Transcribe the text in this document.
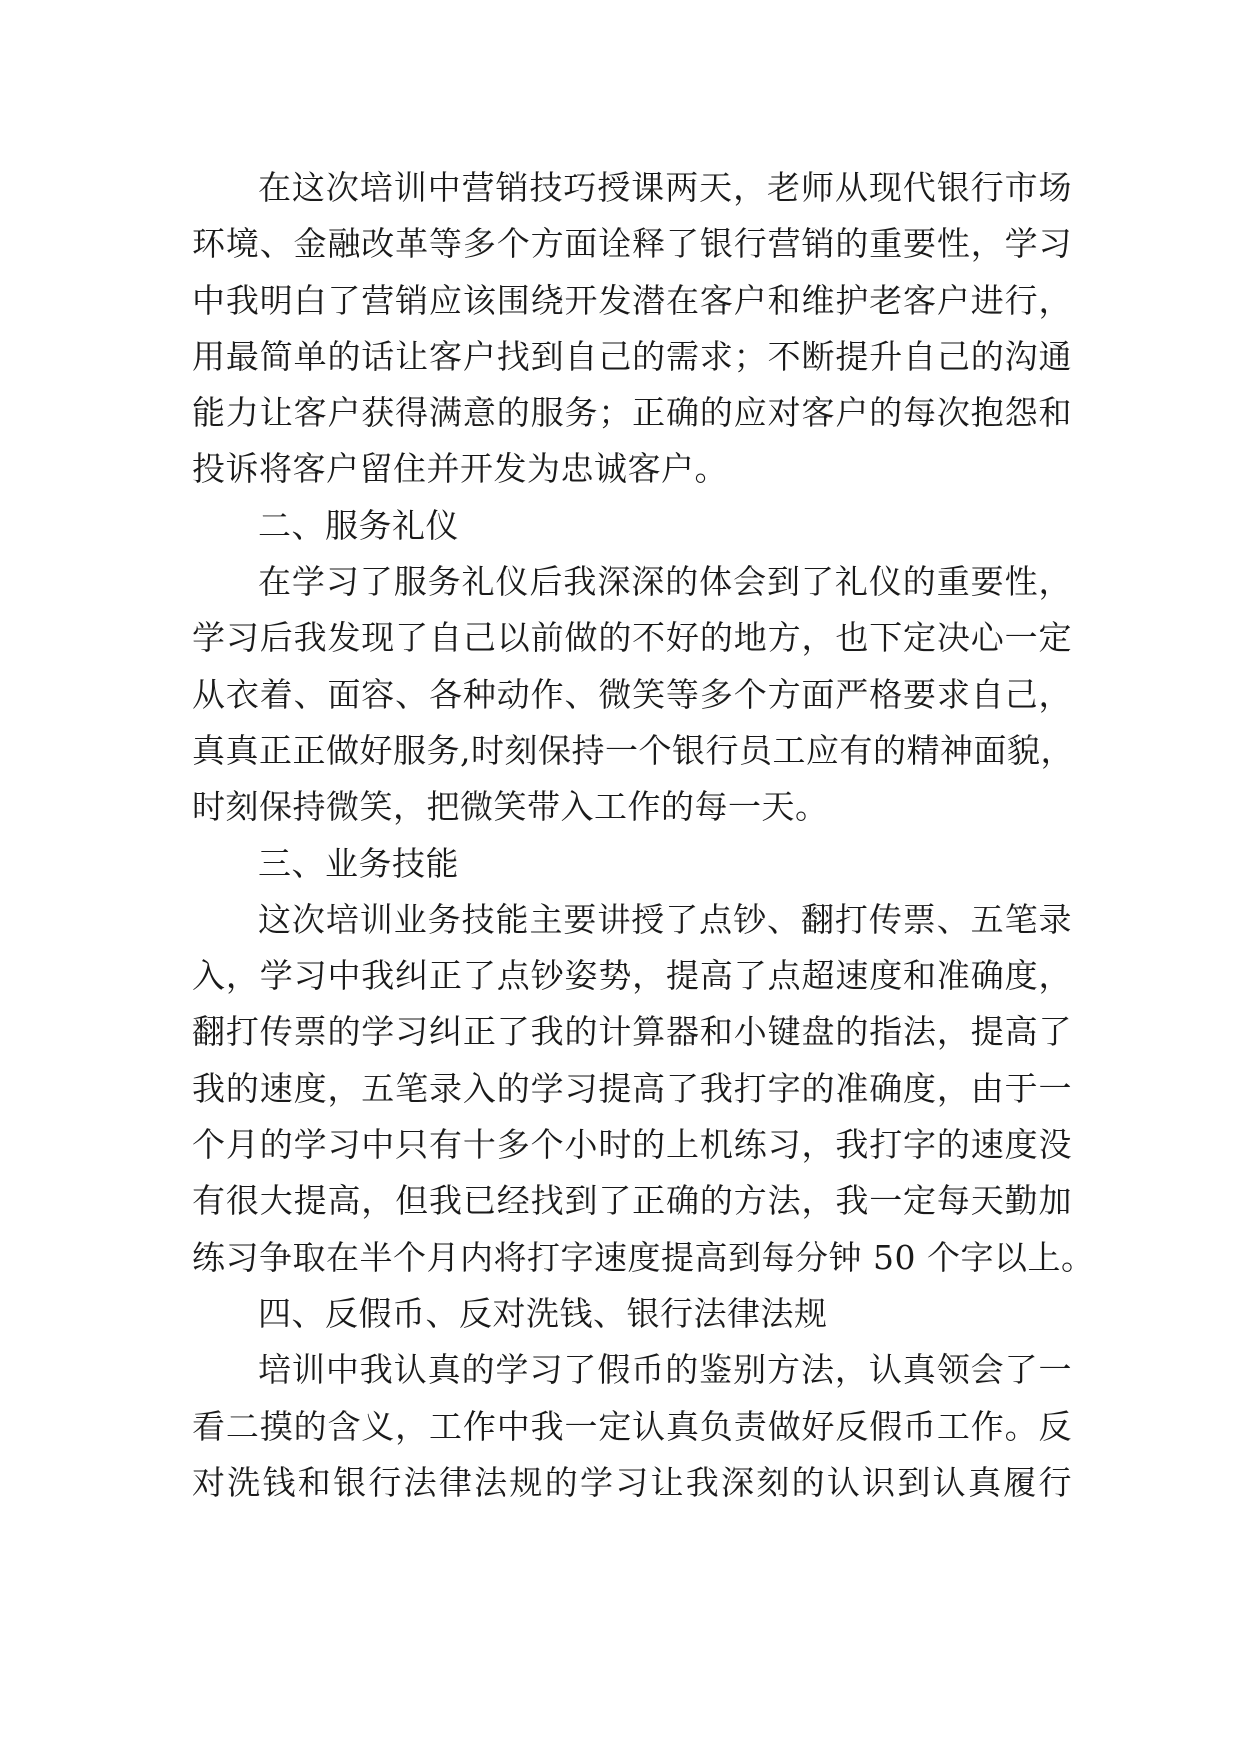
在这次培训中营销技巧授课两天，老师从现代银行市场
环境、金融改革等多个方面诠释了银行营销的重要性，学习
中我明白了营销应该围绕开发潜在客户和维护老客户进行，
用最简单的话让客户找到自己的需求；不断提升自己的沟通
能力让客户获得满意的服务；正确的应对客户的每次抱怨和
投诉将客户留住并开发为忠诚客户。
二、服务礼仪
在学习了服务礼仪后我深深的体会到了礼仪的重要性，
学习后我发现了自己以前做的不好的地方，也下定决心一定
从衣着、面容、各种动作、微笑等多个方面严格要求自己，
真真正正做好服务,时刻保持一个银行员工应有的精神面貌，
时刻保持微笑，把微笑带入工作的每一天。
三、业务技能
这次培训业务技能主要讲授了点钞、翻打传票、五笔录
入，学习中我纠正了点钞姿势，提高了点超速度和准确度，
翻打传票的学习纠正了我的计算器和小键盘的指法，提高了
我的速度，五笔录入的学习提高了我打字的准确度，由于一
个月的学习中只有十多个小时的上机练习，我打字的速度没
有很大提高，但我已经找到了正确的方法，我一定每天勤加
练习争取在半个月内将打字速度提高到每分钟 50 个字以上。
四、反假币、反对洗钱、银行法律法规
培训中我认真的学习了假币的鉴别方法，认真领会了一
看二摸的含义，工作中我一定认真负责做好反假币工作。反
对洗钱和银行法律法规的学习让我深刻的认识到认真履行
